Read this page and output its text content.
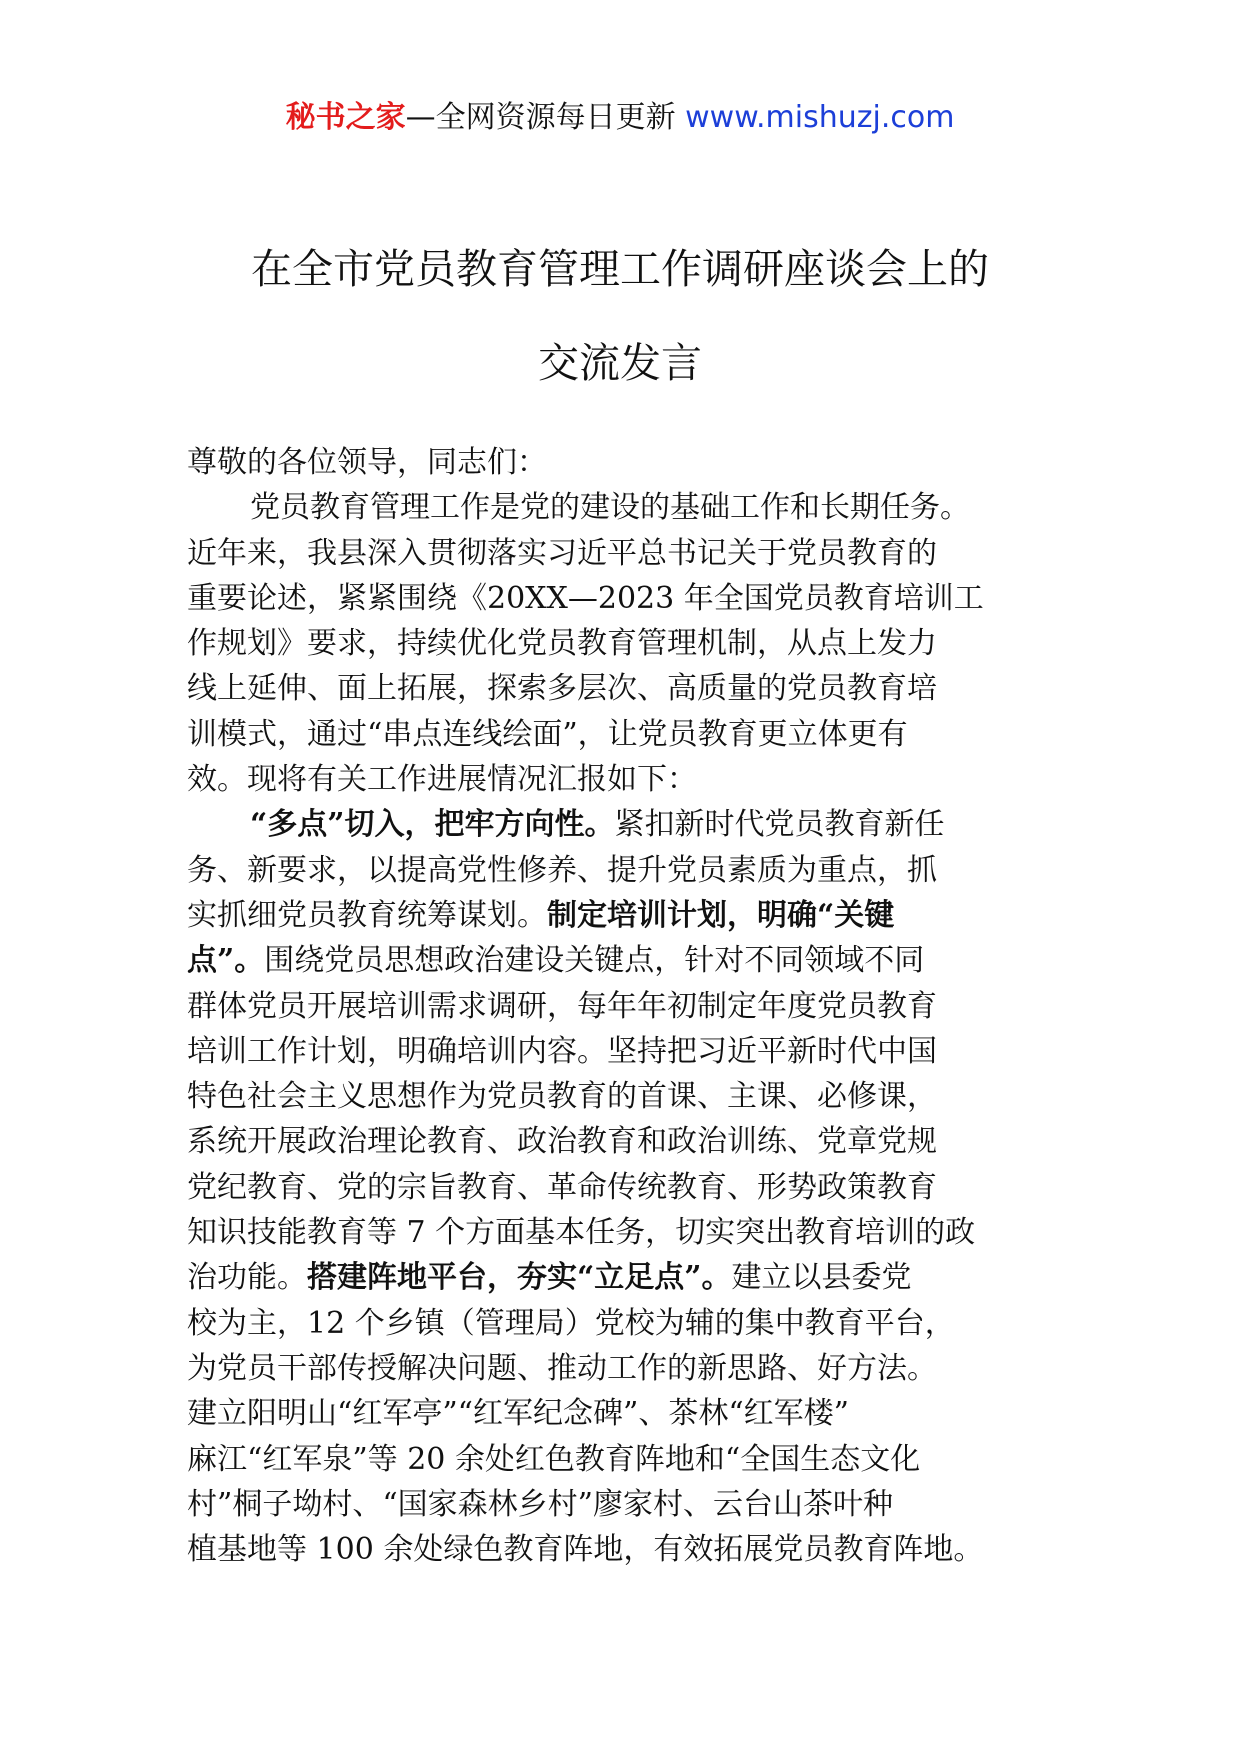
秘书之家—全网资源每日更新 www.mishuzj.com
在全市党员教育管理工作调研座谈会上的
交流发言
尊敬的各位领导，同志们：
党员教育管理工作是党的建设的基础工作和长期任务。
近年来，我县深入贯彻落实习近平总书记关于党员教育的
重要论述，紧紧围绕《20XX—2023 年全国党员教育培训工
作规划》要求，持续优化党员教育管理机制，从点上发力
线上延伸、面上拓展，探索多层次、高质量的党员教育培
训模式，通过“串点连线绘面”，让党员教育更立体更有
效。现将有关工作进展情况汇报如下：
“多点”切入，把牢方向性。紧扣新时代党员教育新任
务、新要求，以提高党性修养、提升党员素质为重点，抓
实抓细党员教育统筹谋划。制定培训计划，明确“关键
点”。围绕党员思想政治建设关键点，针对不同领域不同
群体党员开展培训需求调研，每年年初制定年度党员教育
培训工作计划，明确培训内容。坚持把习近平新时代中国
特色社会主义思想作为党员教育的首课、主课、必修课，
系统开展政治理论教育、政治教育和政治训练、党章党规
党纪教育、党的宗旨教育、革命传统教育、形势政策教育
知识技能教育等 7 个方面基本任务，切实突出教育培训的政
治功能。搭建阵地平台，夯实“立足点”。建立以县委党
校为主，12 个乡镇（管理局）党校为辅的集中教育平台，
为党员干部传授解决问题、推动工作的新思路、好方法。
建立阳明山“红军亭”“红军纪念碑”、茶林“红军楼”
麻江“红军泉”等 20 余处红色教育阵地和“全国生态文化
村”桐子坳村、“国家森林乡村”廖家村、云台山茶叶种
植基地等 100 余处绿色教育阵地，有效拓展党员教育阵地。
